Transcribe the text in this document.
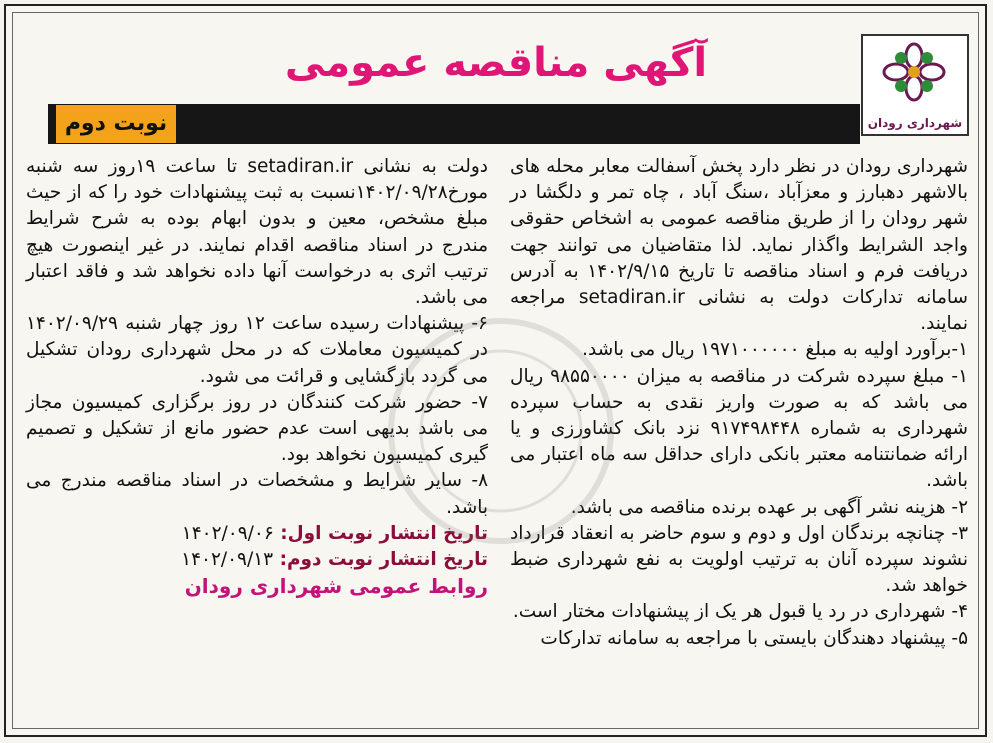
شهرداری رودان
آگهی مناقصه عمومی
نوبت دوم

شهرداری رودان در نظر دارد پخش آسفالت معابر محله های بالاشهر دهبارز و معزآباد ،سنگ آباد ، چاه تمر و دلگشا در شهر رودان را از طریق مناقصه عمومی به اشخاص حقوقی واجد الشرایط واگذار نماید. لذا متقاضیان می توانند جهت دریافت فرم و اسناد مناقصه تا تاریخ ۱۴۰۲/۹/۱۵ به آدرس سامانه تدارکات دولت به نشانی setadiran.ir مراجعه نمایند.

۱-برآورد اولیه به مبلغ ۱۹۷۱۰۰۰۰۰۰ ریال می باشد.

۱- مبلغ سپرده شرکت در مناقصه به میزان ۹۸۵۵۰۰۰۰ ریال می باشد که به صورت واریز نقدی به حساب سپرده شهرداری به شماره ۹۱۷۴۹۸۴۴۸ نزد بانک کشاورزی و یا ارائه ضمانتنامه معتبر بانکی دارای حداقل سه ماه اعتبار می باشد.

۲- هزینه نشر آگهی بر عهده برنده مناقصه می باشد.

۳- چنانچه برندگان اول و دوم و سوم حاضر به انعقاد قرارداد نشوند سپرده آنان به ترتیب اولویت به نفع شهرداری ضبط خواهد شد.

۴- شهرداری در رد یا قبول هر یک از پیشنهادات مختار است.

۵- پیشنهاد دهندگان بایستی با مراجعه به سامانه تدارکات

دولت به نشانی setadiran.ir تا ساعت ۱۹روز سه شنبه مورخ۱۴۰۲/۰۹/۲۸نسبت به ثبت پیشنهادات خود را که از حیث مبلغ مشخص، معین و بدون ابهام بوده به شرح شرایط مندرج در اسناد مناقصه اقدام نمایند. در غیر اینصورت هیچ ترتیب اثری به درخواست آنها داده نخواهد شد و فاقد اعتبار می باشد.

۶- پیشنهادات رسیده ساعت ۱۲ روز چهار شنبه ۱۴۰۲/۰۹/۲۹ در کمیسیون معاملات که در محل شهرداری رودان تشکیل می گردد بازگشایی و قرائت می شود.

۷- حضور شرکت کنندگان در روز برگزاری کمیسیون مجاز می باشد بدیهی است عدم حضور مانع از تشکیل و تصمیم گیری کمیسیون نخواهد بود.

۸- سایر شرایط و مشخصات در اسناد مناقصه مندرج می باشد.

تاریخ انتشار نوبت اول: ۱۴۰۲/۰۹/۰۶

تاریخ انتشار نوبت دوم: ۱۴۰۲/۰۹/۱۳

روابط عمومی شهرداری رودان
